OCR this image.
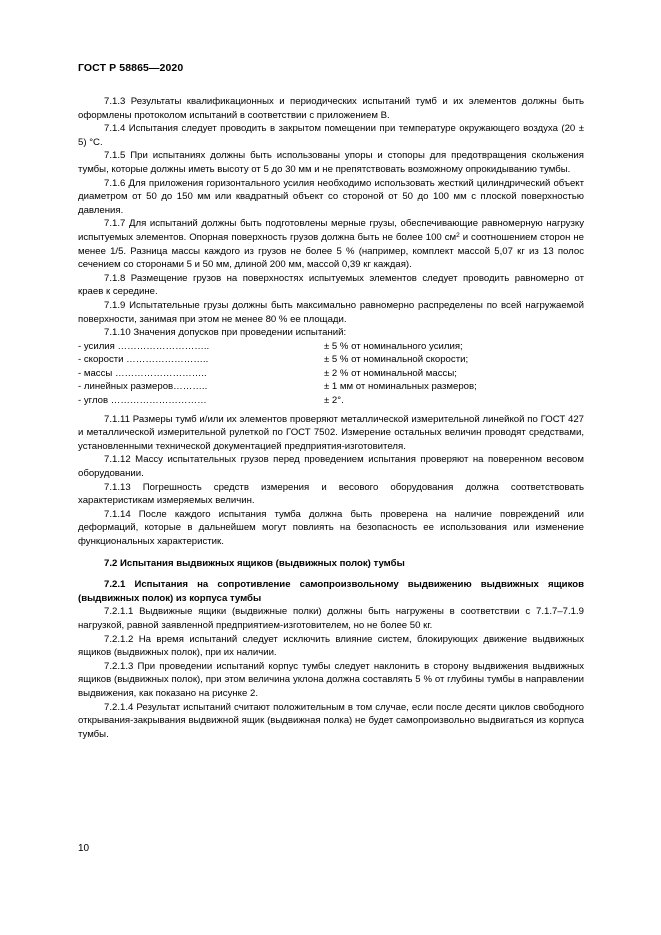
ГОСТ Р 58865—2020

7.1.3 Результаты квалификационных и периодических испытаний тумб и их элементов должны быть оформлены протоколом испытаний в соответствии с приложением В.

7.1.4 Испытания следует проводить в закрытом помещении при температуре окружающего воздуха (20 ± 5) °С.

7.1.5 При испытаниях должны быть использованы упоры и стопоры для предотвращения скольжения тумбы, которые должны иметь высоту от 5 до 30 мм и не препятствовать возможному опрокидыванию тумбы.

7.1.6 Для приложения горизонтального усилия необходимо использовать жесткий цилиндрический объект диаметром от 50 до 150 мм или квадратный объект со стороной от 50 до 100 мм с плоской поверхностью давления.

7.1.7 Для испытаний должны быть подготовлены мерные грузы, обеспечивающие равномерную нагрузку испытуемых элементов. Опорная поверхность грузов должна быть не более 100 $см^2$ и соотношением сторон не менее 1/5. Разница массы каждого из грузов не более 5 % (например, комплект массой 5,07 кг из 13 полос сечением со сторонами 5 и 50 мм, длиной 200 мм, массой 0,39 кг каждая).

7.1.8 Размещение грузов на поверхностях испытуемых элементов следует проводить равномерно от краев к середине.

7.1.9 Испытательные грузы должны быть максимально равномерно распределены по всей нагружаемой поверхности, занимая при этом не менее 80 % ее площади.

7.1.10 Значения допусков при проведении испытаний:

- усилия ………………………..	± 5 % от номинального усилия;
- скорости ……………………..	± 5 % от номинальной скорости;
- массы ………………………..	± 2 % от номинальной массы;
- линейных размеров………..	± 1 мм от номинальных размеров;
- углов …………………………	± 2°.

7.1.11 Размеры тумб и/или их элементов проверяют металлической измерительной линейкой по ГОСТ 427 и металлической измерительной рулеткой по ГОСТ 7502. Измерение остальных величин проводят средствами, установленными технической документацией предприятия-изготовителя.

7.1.12 Массу испытательных грузов перед проведением испытания проверяют на поверенном весовом оборудовании.

7.1.13 Погрешность средств измерения и весового оборудования должна соответствовать характеристикам измеряемых величин.

7.1.14 После каждого испытания тумба должна быть проверена на наличие повреждений или деформаций, которые в дальнейшем могут повлиять на безопасность ее использования или изменение функциональных характеристик.

7.2 Испытания выдвижных ящиков (выдвижных полок) тумбы

7.2.1 Испытания на сопротивление самопроизвольному выдвижению выдвижных ящиков (выдвижных полок) из корпуса тумбы

7.2.1.1 Выдвижные ящики (выдвижные полки) должны быть нагружены в соответствии с 7.1.7–7.1.9 нагрузкой, равной заявленной предприятием-изготовителем, но не более 50 кг.

7.2.1.2 На время испытаний следует исключить влияние систем, блокирующих движение выдвижных ящиков (выдвижных полок), при их наличии.

7.2.1.3 При проведении испытаний корпус тумбы следует наклонить в сторону выдвижения выдвижных ящиков (выдвижных полок), при этом величина уклона должна составлять 5 % от глубины тумбы в направлении выдвижения, как показано на рисунке 2.

7.2.1.4 Результат испытаний считают положительным в том случае, если после десяти циклов свободного открывания-закрывания выдвижной ящик (выдвижная полка) не будет самопроизвольно выдвигаться из корпуса тумбы.

10
